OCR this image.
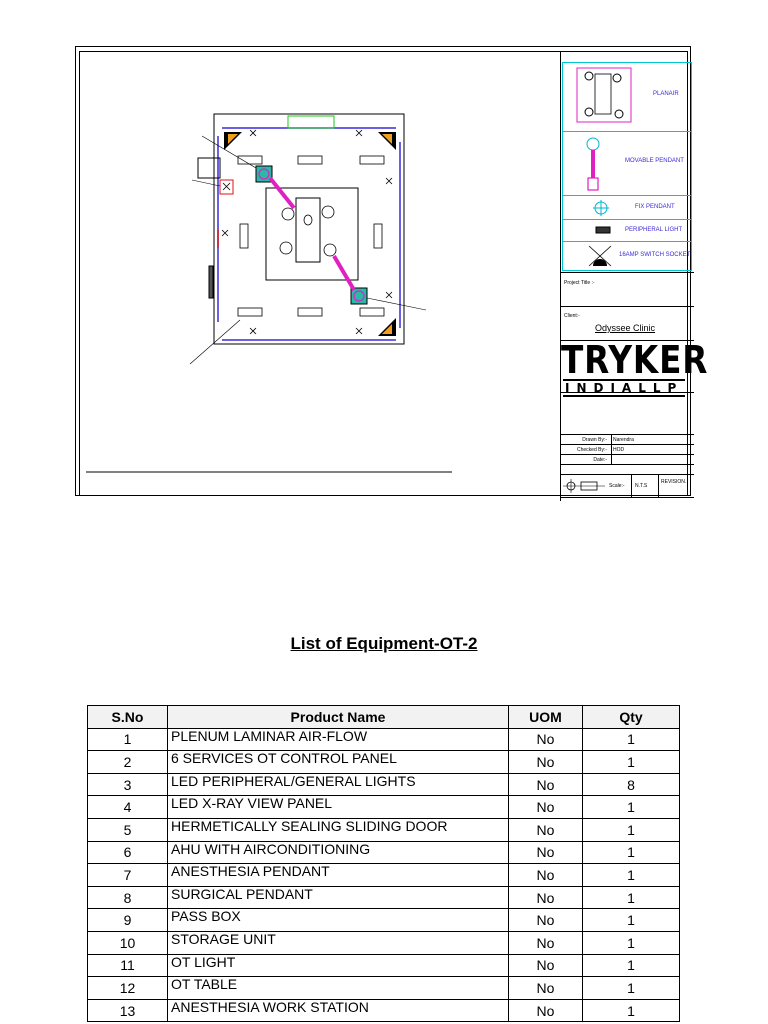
PLANAIR
MOVABLE PENDANT
FIX PENDANT
PERIPHERAL LIGHT
16AMP SWITCH SOCKET
Project Title :-
Client:-
Odyssee Clinic
TRYKER
INDIALLP
Drawn By:- Narendra
Checked By:- HOD
Date:-
Scale:- N.T.S
REVISION.
List of Equipment-OT-2
S.No	Product Name	UOM	Qty
1	PLENUM LAMINAR AIR-FLOW	No	1
2	6 SERVICES OT CONTROL PANEL	No	1
3	LED PERIPHERAL/GENERAL LIGHTS	No	8
4	LED X-RAY VIEW PANEL	No	1
5	HERMETICALLY SEALING SLIDING DOOR	No	1
6	AHU WITH AIRCONDITIONING	No	1
7	ANESTHESIA PENDANT	No	1
8	SURGICAL PENDANT	No	1
9	PASS BOX	No	1
10	STORAGE UNIT	No	1
11	OT LIGHT	No	1
12	OT TABLE	No	1
13	ANESTHESIA WORK STATION	No	1
